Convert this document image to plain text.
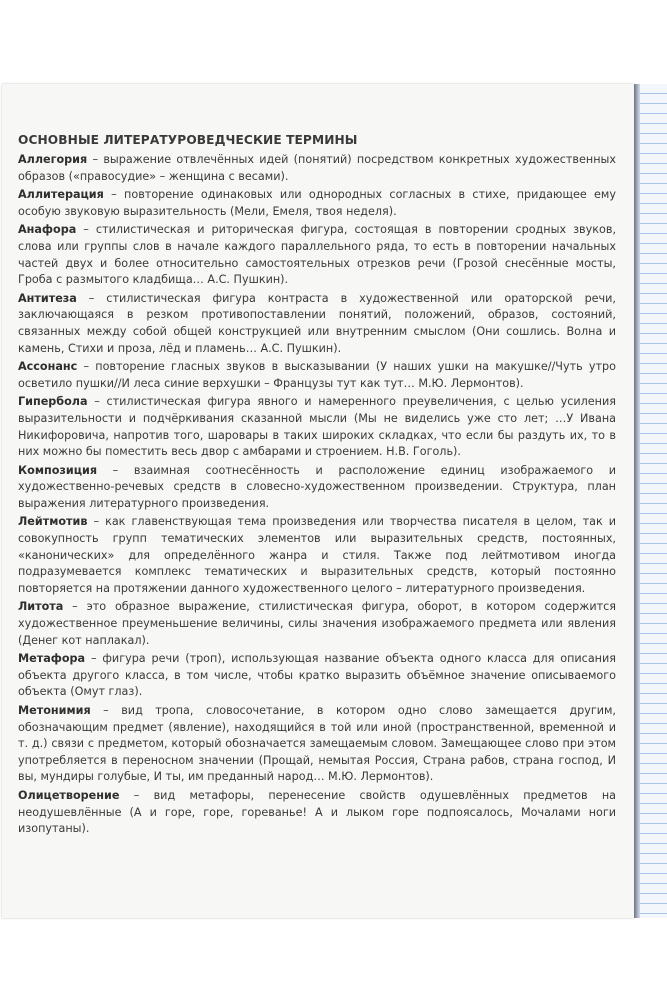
ОСНОВНЫЕ ЛИТЕРАТУРОВЕДЧЕСКИЕ ТЕРМИНЫ

Аллегория – выражение отвлечённых идей (понятий) посредством конкретных художественных образов («правосудие» – женщина с весами).

Аллитерация – повторение одинаковых или однородных согласных в стихе, придающее ему особую звуковую выразительность (Мели, Емеля, твоя неделя).

Анафора – стилистическая и риторическая фигура, состоящая в повторении сродных звуков, слова или группы слов в начале каждого параллельного ряда, то есть в повторении начальных частей двух и более относительно самостоятельных отрезков речи (Грозой снесённые мосты, Гроба с размытого кладбища… А.С. Пушкин).

Антитеза – стилистическая фигура контраста в художественной или ораторской речи, заключающаяся в резком противопоставлении понятий, положений, образов, состояний, связанных между собой общей конструкцией или внутренним смыслом (Они сошлись. Волна и камень, Стихи и проза, лёд и пламень… А.С. Пушкин).

Ассонанс – повторение гласных звуков в высказывании (У наших ушки на макушке//Чуть утро осветило пушки//И леса синие верхушки – Французы тут как тут… М.Ю. Лермонтов).

Гипербола – стилистическая фигура явного и намеренного преувеличения, с целью усиления выразительности и подчёркивания сказанной мысли (Мы не виделись уже сто лет; …У Ивана Никифоровича, напротив того, шаровары в таких широких складках, что если бы раздуть их, то в них можно бы поместить весь двор с амбарами и строением. Н.В. Гоголь).

Композиция – взаимная соотнесённость и расположение единиц изображаемого и художественно-речевых средств в словесно-художественном произведении. Структура, план выражения литературного произведения.

Лейтмотив – как главенствующая тема произведения или творчества писателя в целом, так и совокупность групп тематических элементов или выразительных средств, постоянных, «канонических» для определённого жанра и стиля. Также под лейтмотивом иногда подразумевается комплекс тематических и выразительных средств, который постоянно повторяется на протяжении данного художественного целого – литературного произведения.

Литота – это образное выражение, стилистическая фигура, оборот, в котором содержится художественное преуменьшение величины, силы значения изображаемого предмета или явления (Денег кот наплакал).

Метафора – фигура речи (троп), использующая название объекта одного класса для описания объекта другого класса, в том числе, чтобы кратко выразить объёмное значение описываемого объекта (Омут глаз).

Метонимия – вид тропа, словосочетание, в котором одно слово замещается другим, обозначающим предмет (явление), находящийся в той или иной (пространственной, временной и т. д.) связи с предметом, который обозначается замещаемым словом. Замещающее слово при этом употребляется в переносном значении (Прощай, немытая Россия, Страна рабов, страна господ, И вы, мундиры голубые, И ты, им преданный народ… М.Ю. Лермонтов).

Олицетворение – вид метафоры, перенесение свойств одушевлённых предметов на неодушевлённые (А и горе, горе, гореванье! А и лыком горе подпоясалось, Мочалами ноги изопутаны).
